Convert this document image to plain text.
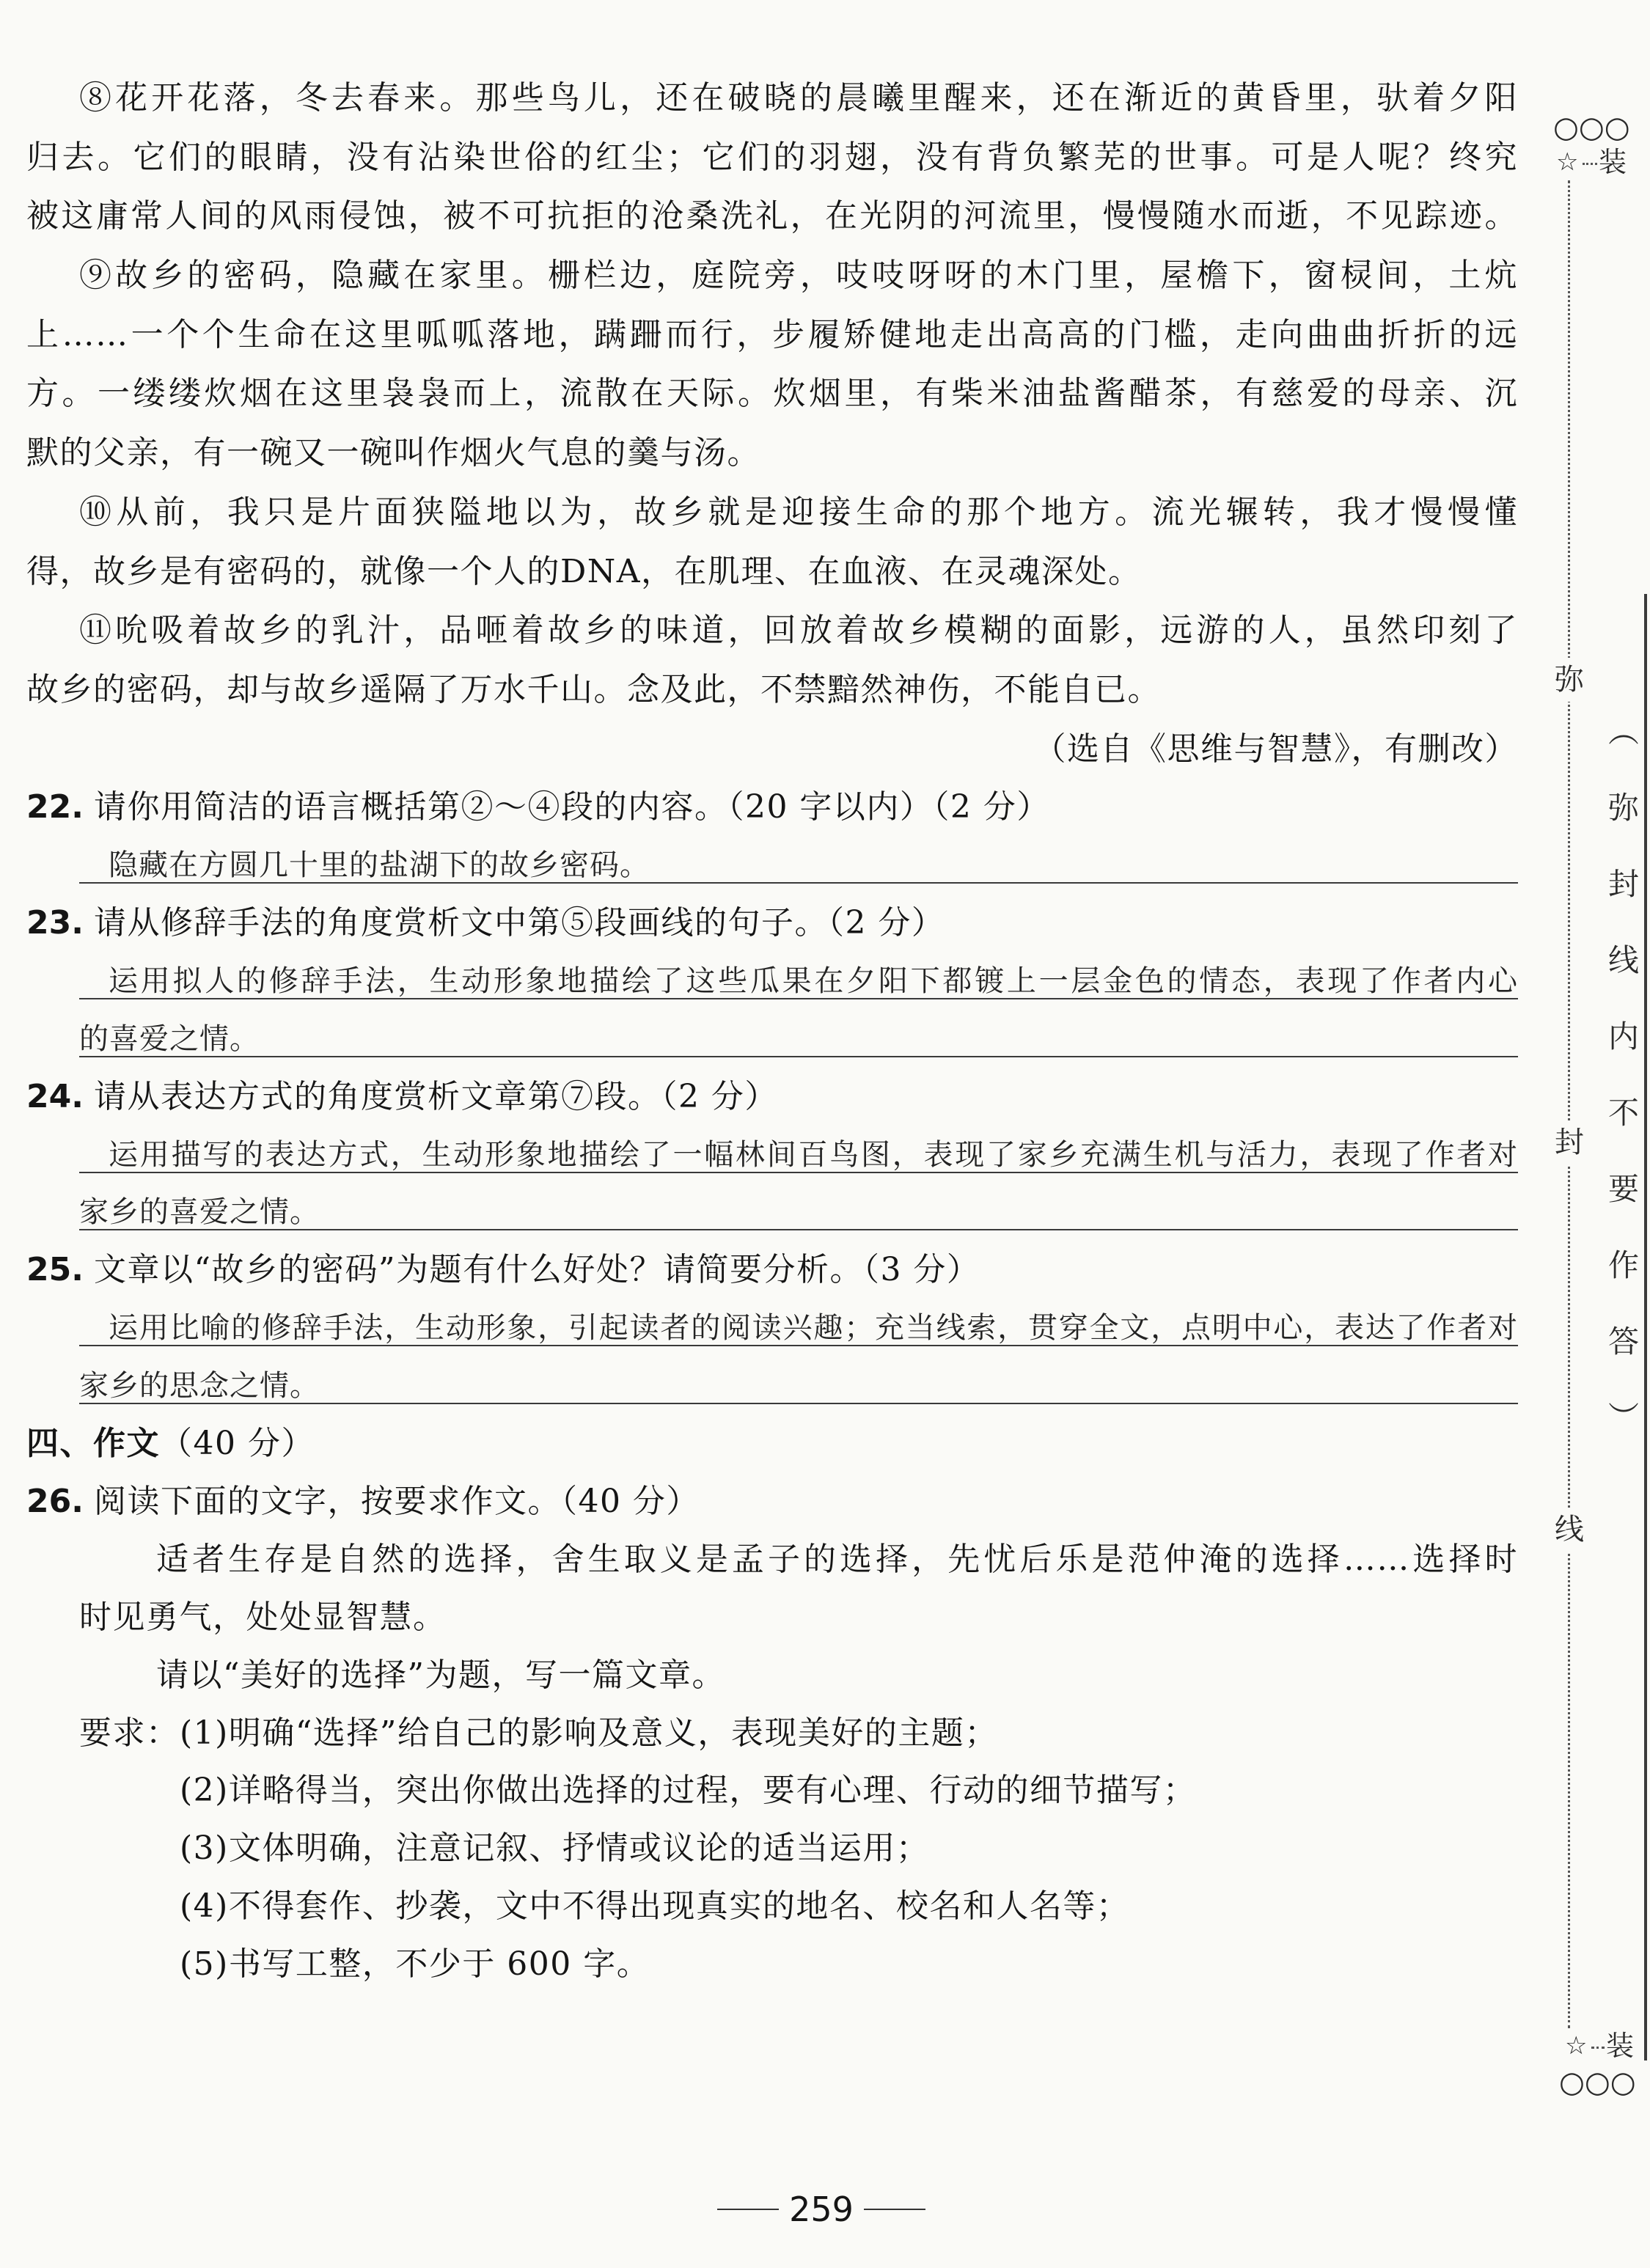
⑧花开花落，冬去春来。那些鸟儿，还在破晓的晨曦里醒来，还在渐近的黄昏里，驮着夕阳
归去。它们的眼睛，没有沾染世俗的红尘；它们的羽翅，没有背负繁芜的世事。可是人呢？终究
被这庸常人间的风雨侵蚀，被不可抗拒的沧桑洗礼，在光阴的河流里，慢慢随水而逝，不见踪迹。
⑨故乡的密码，隐藏在家里。栅栏边，庭院旁，吱吱呀呀的木门里，屋檐下，窗棂间，土炕
上……一个个生命在这里呱呱落地，蹒跚而行，步履矫健地走出高高的门槛，走向曲曲折折的远
方。一缕缕炊烟在这里袅袅而上，流散在天际。炊烟里，有柴米油盐酱醋茶，有慈爱的母亲、沉
默的父亲，有一碗又一碗叫作烟火气息的羹与汤。
⑩从前，我只是片面狭隘地以为，故乡就是迎接生命的那个地方。流光辗转，我才慢慢懂
得，故乡是有密码的，就像一个人的DNA，在肌理、在血液、在灵魂深处。
⑪吮吸着故乡的乳汁，品咂着故乡的味道，回放着故乡模糊的面影，远游的人，虽然印刻了
故乡的密码，却与故乡遥隔了万水千山。念及此，不禁黯然神伤，不能自已。
（选自《思维与智慧》，有删改）
22. 请你用简洁的语言概括第②～④段的内容。（20 字以内）（2 分）
隐藏在方圆几十里的盐湖下的故乡密码。
23. 请从修辞手法的角度赏析文中第⑤段画线的句子。（2 分）
运用拟人的修辞手法，生动形象地描绘了这些瓜果在夕阳下都镀上一层金色的情态，表现了作者内心
的喜爱之情。
24. 请从表达方式的角度赏析文章第⑦段。（2 分）
运用描写的表达方式，生动形象地描绘了一幅林间百鸟图，表现了家乡充满生机与活力，表现了作者对
家乡的喜爱之情。
25. 文章以“故乡的密码”为题有什么好处？请简要分析。（3 分）
运用比喻的修辞手法，生动形象，引起读者的阅读兴趣；充当线索，贯穿全文，点明中心，表达了作者对
家乡的思念之情。
四、作文（40 分）
26. 阅读下面的文字，按要求作文。（40 分）
适者生存是自然的选择，舍生取义是孟子的选择，先忧后乐是范仲淹的选择……选择时
时见勇气，处处显智慧。
请以“美好的选择”为题，写一篇文章。
要求：(1)明确“选择”给自己的影响及意义，表现美好的主题；
(2)详略得当，突出你做出选择的过程，要有心理、行动的细节描写；
(3)文体明确，注意记叙、抒情或议论的适当运用；
(4)不得套作、抄袭，文中不得出现真实的地名、校名和人名等；
(5)书写工整，不少于 600 字。
○○○
☆ 装
弥
封
线
（弥封线内不要作答）
☆ 装
○○○
259
